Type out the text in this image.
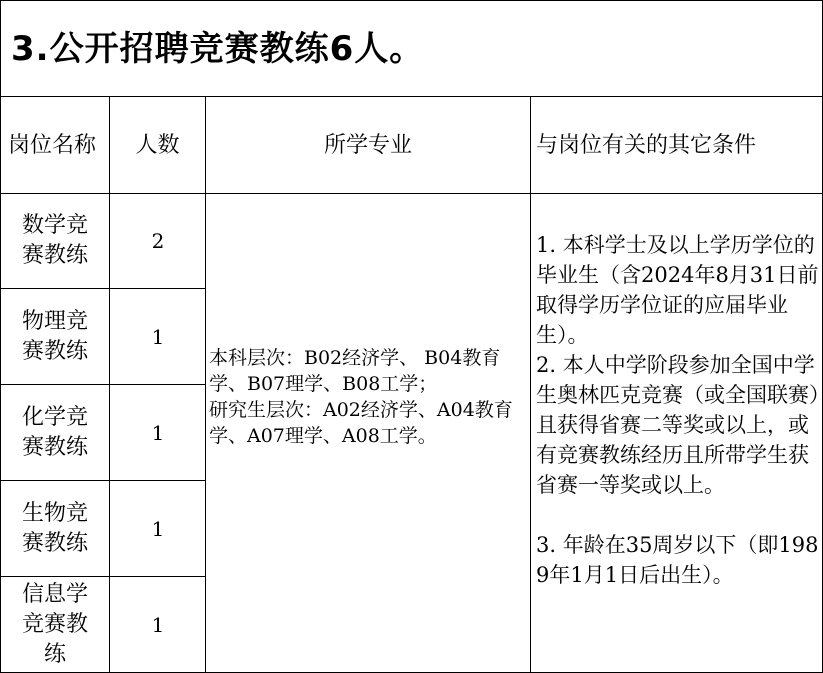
3.公开招聘竞赛教练6人。
岗位名称 人数	所学专业	与岗位有关的其它条件
数学竞赛教练
物理竞赛教练
化学竞赛教练
生物竞赛教练
信息学竞赛教练
2
1
1
1
1
本科层次：B02经济学、 B04教育学、B07理学、B08工学；
研究生层次：A02经济学、A04教育学、A07理学、A08工学。

1. 本科学士及以上学历学位的毕业生（含2024年8月31日前取得学历学位证的应届毕业生）。

2. 本人中学阶段参加全国中学生奥林匹克竞赛（或全国联赛）且获得省赛二等奖或以上，或有竞赛教练经历且所带学生获省赛一等奖或以上。

3. 年龄在35周岁以下（即1989年1月1日后出生）。
